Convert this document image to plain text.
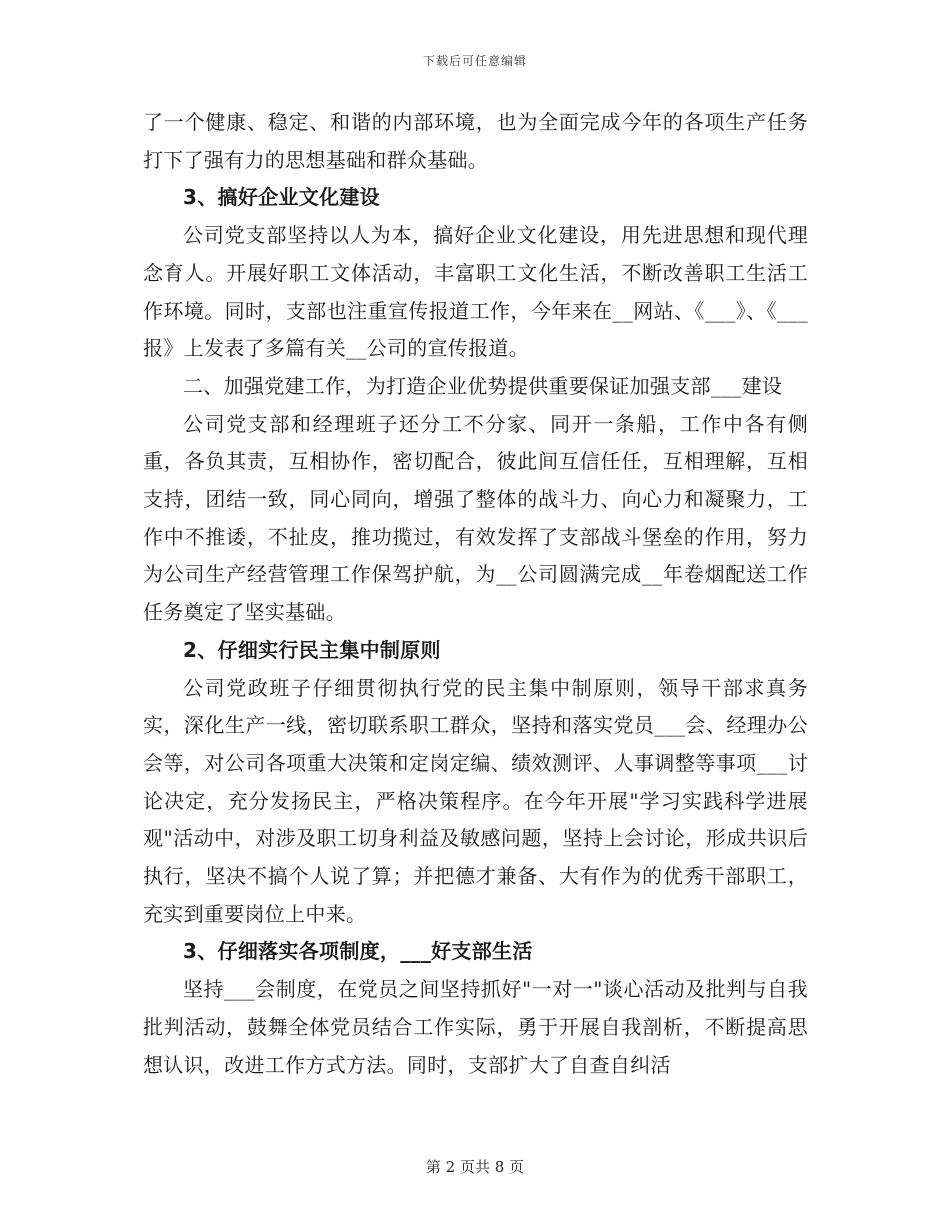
下载后可任意编辑

了一个健康、稳定、和谐的内部环境，也为全面完成今年的各项生产任务打下了强有力的思想基础和群众基础。

3、搞好企业文化建设

公司党支部坚持以人为本，搞好企业文化建设，用先进思想和现代理念育人。开展好职工文体活动，丰富职工文化生活，不断改善职工生活工作环境。同时，支部也注重宣传报道工作，今年来在__网站、《___》、《___报》上发表了多篇有关__公司的宣传报道。

二、加强党建工作，为打造企业优势提供重要保证加强支部___建设

公司党支部和经理班子还分工不分家、同开一条船，工作中各有侧重，各负其责，互相协作，密切配合，彼此间互信任任，互相理解，互相支持，团结一致，同心同向，增强了整体的战斗力、向心力和凝聚力，工作中不推诿，不扯皮，推功揽过，有效发挥了支部战斗堡垒的作用，努力为公司生产经营管理工作保驾护航，为__公司圆满完成__年卷烟配送工作任务奠定了坚实基础。

2、仔细实行民主集中制原则

公司党政班子仔细贯彻执行党的民主集中制原则，领导干部求真务实，深化生产一线，密切联系职工群众，坚持和落实党员___会、经理办公会等，对公司各项重大决策和定岗定编、绩效测评、人事调整等事项___讨论决定，充分发扬民主，严格决策程序。在今年开展"学习实践科学进展观"活动中，对涉及职工切身利益及敏感问题，坚持上会讨论，形成共识后执行，坚决不搞个人说了算；并把德才兼备、大有作为的优秀干部职工，充实到重要岗位上中来。

3、仔细落实各项制度，___好支部生活

坚持___会制度，在党员之间坚持抓好"一对一"谈心活动及批判与自我批判活动，鼓舞全体党员结合工作实际，勇于开展自我剖析，不断提高思想认识，改进工作方式方法。同时，支部扩大了自查自纠活

第 2 页共 8 页
